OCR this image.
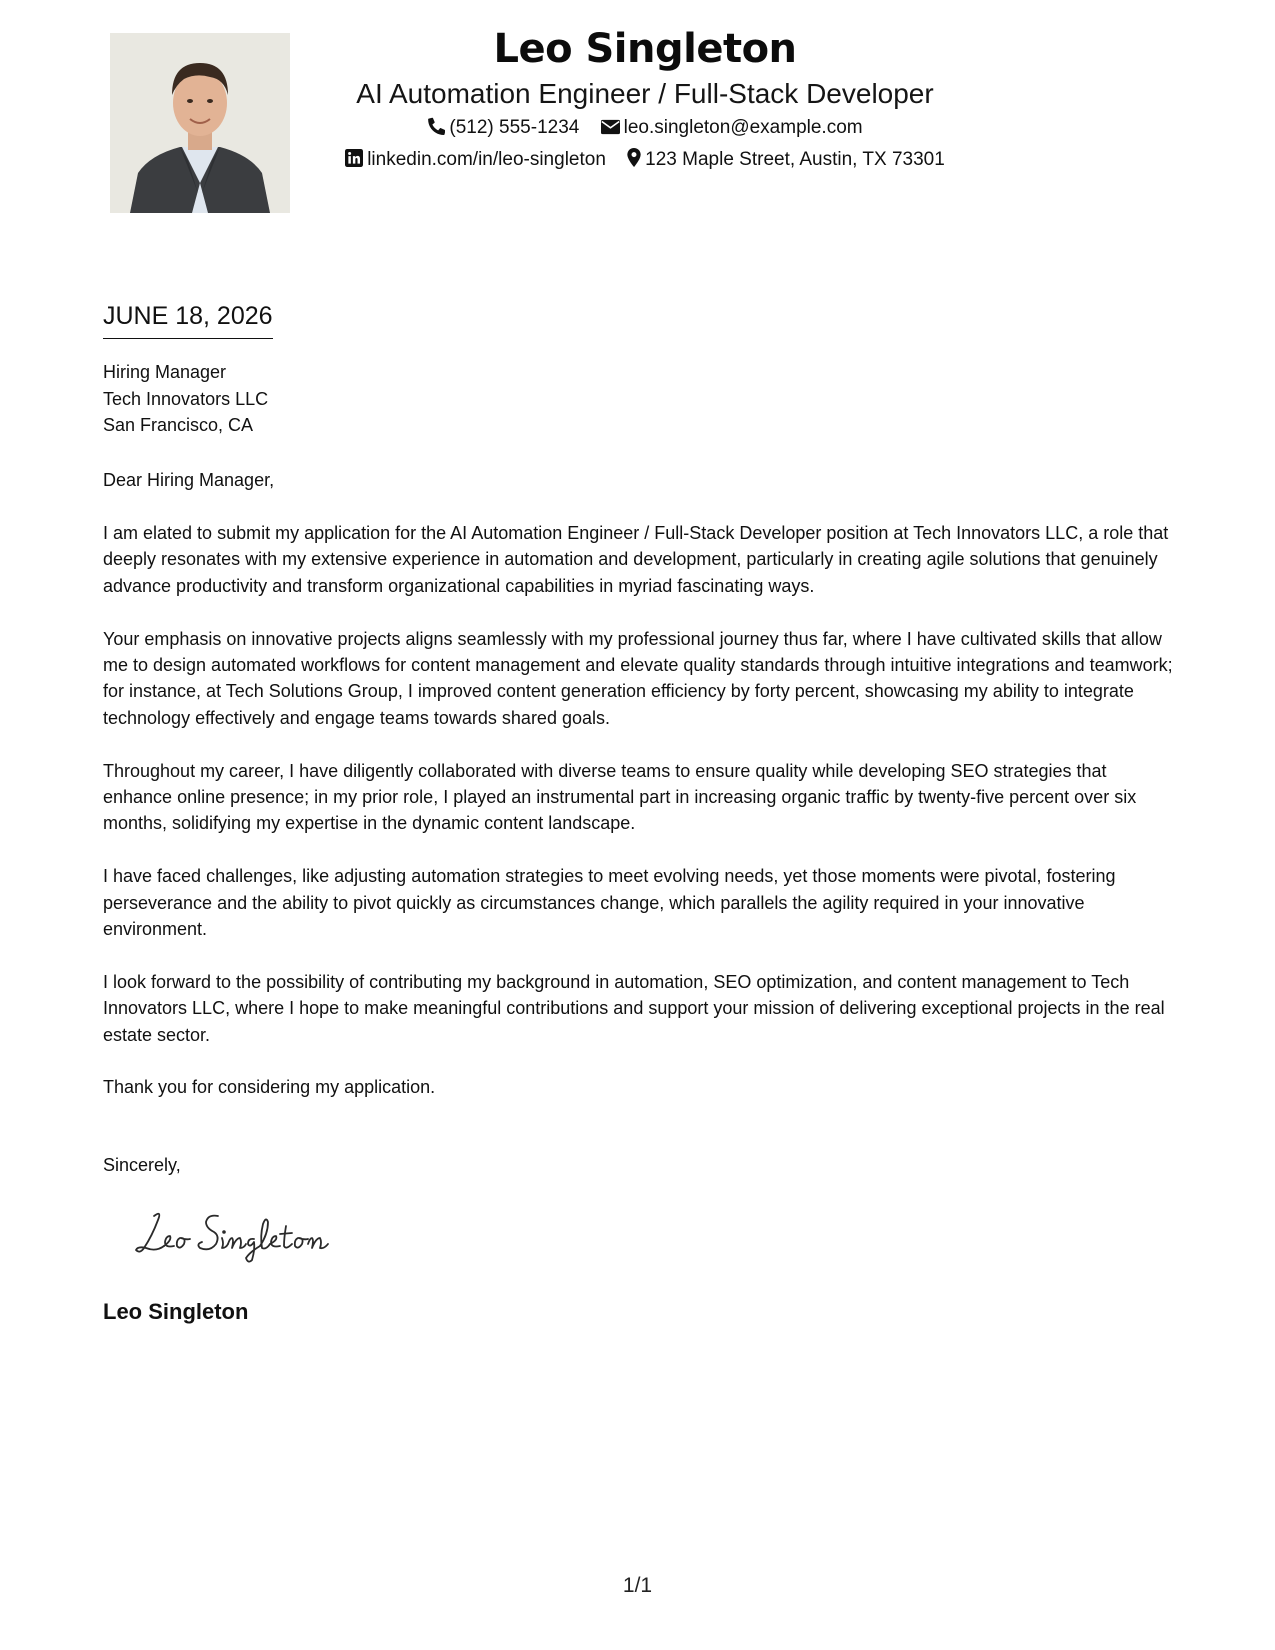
Leo Singleton
AI Automation Engineer / Full-Stack Developer
(512) 555-1234 leo.singleton@example.com
linkedin.com/in/leo-singleton 123 Maple Street, Austin, TX 73301
JUNE 18, 2026
Hiring Manager
Tech Innovators LLC
San Francisco, CA
Dear Hiring Manager,

I am elated to submit my application for the AI Automation Engineer / Full-Stack Developer position at Tech Innovators LLC, a role that deeply resonates with my extensive experience in automation and development, particularly in creating agile solutions that genuinely advance productivity and transform organizational capabilities in myriad fascinating ways.

Your emphasis on innovative projects aligns seamlessly with my professional journey thus far, where I have cultivated skills that allow me to design automated workflows for content management and elevate quality standards through intuitive integrations and teamwork; for instance, at Tech Solutions Group, I improved content generation efficiency by forty percent, showcasing my ability to integrate technology effectively and engage teams towards shared goals.

Throughout my career, I have diligently collaborated with diverse teams to ensure quality while developing SEO strategies that enhance online presence; in my prior role, I played an instrumental part in increasing organic traffic by twenty-five percent over six months, solidifying my expertise in the dynamic content landscape.

I have faced challenges, like adjusting automation strategies to meet evolving needs, yet those moments were pivotal, fostering perseverance and the ability to pivot quickly as circumstances change, which parallels the agility required in your innovative environment.

I look forward to the possibility of contributing my background in automation, SEO optimization, and content management to Tech Innovators LLC, where I hope to make meaningful contributions and support your mission of delivering exceptional projects in the real estate sector.

Thank you for considering my application.

Sincerely,
Leo Singleton
1/1
